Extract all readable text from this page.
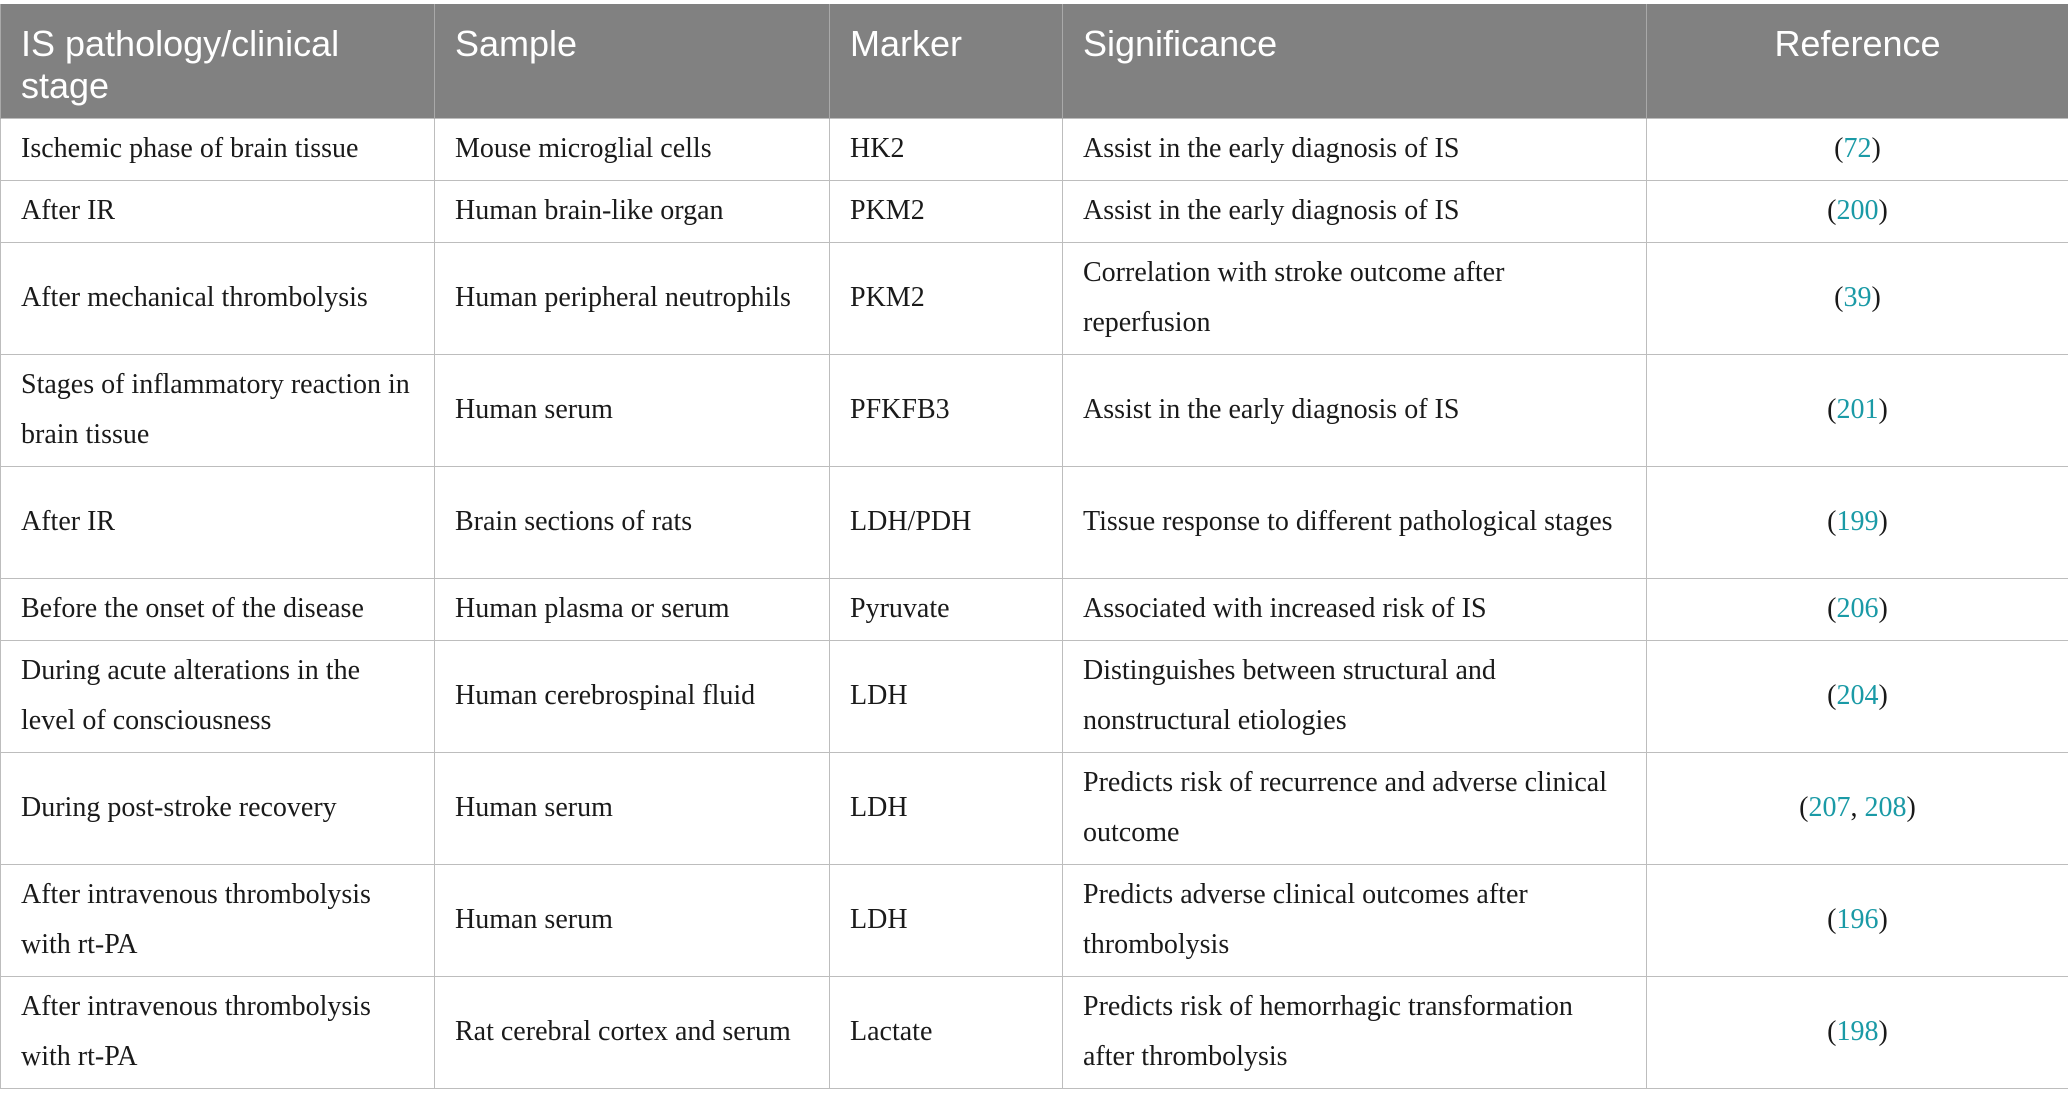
IS pathology/clinical stage	Sample	Marker	Significance	Reference
Ischemic phase of brain tissue	Mouse microglial cells	HK2	Assist in the early diagnosis of IS	(72)
After IR	Human brain-like organ	PKM2	Assist in the early diagnosis of IS	(200)
After mechanical thrombolysis	Human peripheral neutrophils	PKM2	Correlation with stroke outcome after reperfusion	(39)
Stages of inflammatory reaction in brain tissue	Human serum	PFKFB3	Assist in the early diagnosis of IS	(201)
After IR	Brain sections of rats	LDH/PDH	Tissue response to different pathological stages	(199)
Before the onset of the disease	Human plasma or serum	Pyruvate	Associated with increased risk of IS	(206)
During acute alterations in the level of consciousness	Human cerebrospinal fluid	LDH	Distinguishes between structural and nonstructural etiologies	(204)
During post-stroke recovery	Human serum	LDH	Predicts risk of recurrence and adverse clinical outcome	(207, 208)
After intravenous thrombolysis with rt-PA	Human serum	LDH	Predicts adverse clinical outcomes after thrombolysis	(196)
After intravenous thrombolysis with rt-PA	Rat cerebral cortex and serum	Lactate	Predicts risk of hemorrhagic transformation after thrombolysis	(198)
